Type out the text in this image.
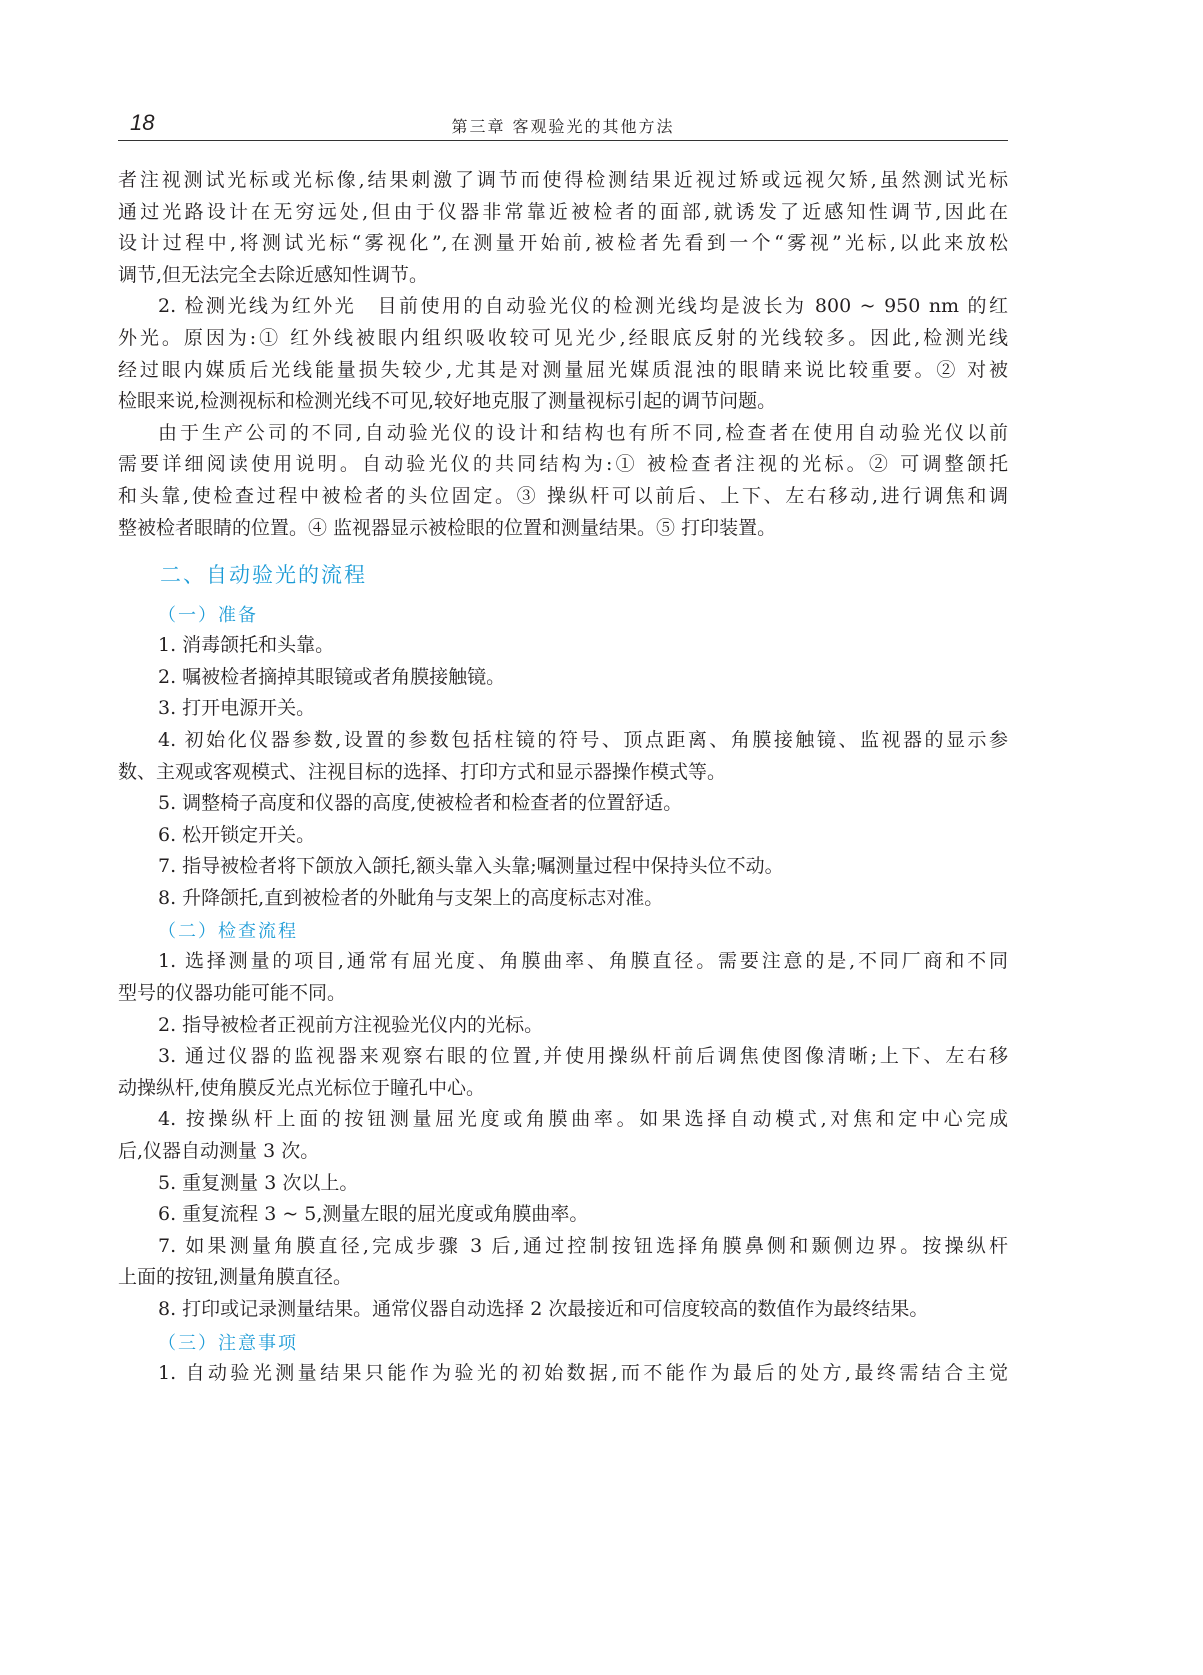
18	第三章 客观验光的其他方法
者注视测试光标或光标像,结果刺激了调节而使得检测结果近视过矫或远视欠矫,虽然测试光标
通过光路设计在无穷远处,但由于仪器非常靠近被检者的面部,就诱发了近感知性调节,因此在
设计过程中,将测试光标“雾视化”,在测量开始前,被检者先看到一个“雾视”光标,以此来放松
调节,但无法完全去除近感知性调节。
2. 检测光线为红外光　目前使用的自动验光仪的检测光线均是波长为 800 ~ 950 nm 的红
外光。原因为:① 红外线被眼内组织吸收较可见光少,经眼底反射的光线较多。因此,检测光线
经过眼内媒质后光线能量损失较少,尤其是对测量屈光媒质混浊的眼睛来说比较重要。② 对被
检眼来说,检测视标和检测光线不可见,较好地克服了测量视标引起的调节问题。
由于生产公司的不同,自动验光仪的设计和结构也有所不同,检查者在使用自动验光仪以前
需要详细阅读使用说明。自动验光仪的共同结构为:① 被检查者注视的光标。② 可调整颌托
和头靠,使检查过程中被检者的头位固定。③ 操纵杆可以前后、上下、左右移动,进行调焦和调
整被检者眼睛的位置。④ 监视器显示被检眼的位置和测量结果。⑤ 打印装置。
二、自动验光的流程
（一）准备
1. 消毒颌托和头靠。
2. 嘱被检者摘掉其眼镜或者角膜接触镜。
3. 打开电源开关。
4. 初始化仪器参数,设置的参数包括柱镜的符号、顶点距离、角膜接触镜、监视器的显示参
数、主观或客观模式、注视目标的选择、打印方式和显示器操作模式等。
5. 调整椅子高度和仪器的高度,使被检者和检查者的位置舒适。
6. 松开锁定开关。
7. 指导被检者将下颌放入颌托,额头靠入头靠;嘱测量过程中保持头位不动。
8. 升降颌托,直到被检者的外眦角与支架上的高度标志对准。
（二）检查流程
1. 选择测量的项目,通常有屈光度、角膜曲率、角膜直径。需要注意的是,不同厂商和不同
型号的仪器功能可能不同。
2. 指导被检者正视前方注视验光仪内的光标。
3. 通过仪器的监视器来观察右眼的位置,并使用操纵杆前后调焦使图像清晰;上下、左右移
动操纵杆,使角膜反光点光标位于瞳孔中心。
4. 按操纵杆上面的按钮测量屈光度或角膜曲率。如果选择自动模式,对焦和定中心完成
后,仪器自动测量 3 次。
5. 重复测量 3 次以上。
6. 重复流程 3 ~ 5,测量左眼的屈光度或角膜曲率。
7. 如果测量角膜直径,完成步骤 3 后,通过控制按钮选择角膜鼻侧和颞侧边界。按操纵杆
上面的按钮,测量角膜直径。
8. 打印或记录测量结果。通常仪器自动选择 2 次最接近和可信度较高的数值作为最终结果。
（三）注意事项
1. 自动验光测量结果只能作为验光的初始数据,而不能作为最后的处方,最终需结合主觉
